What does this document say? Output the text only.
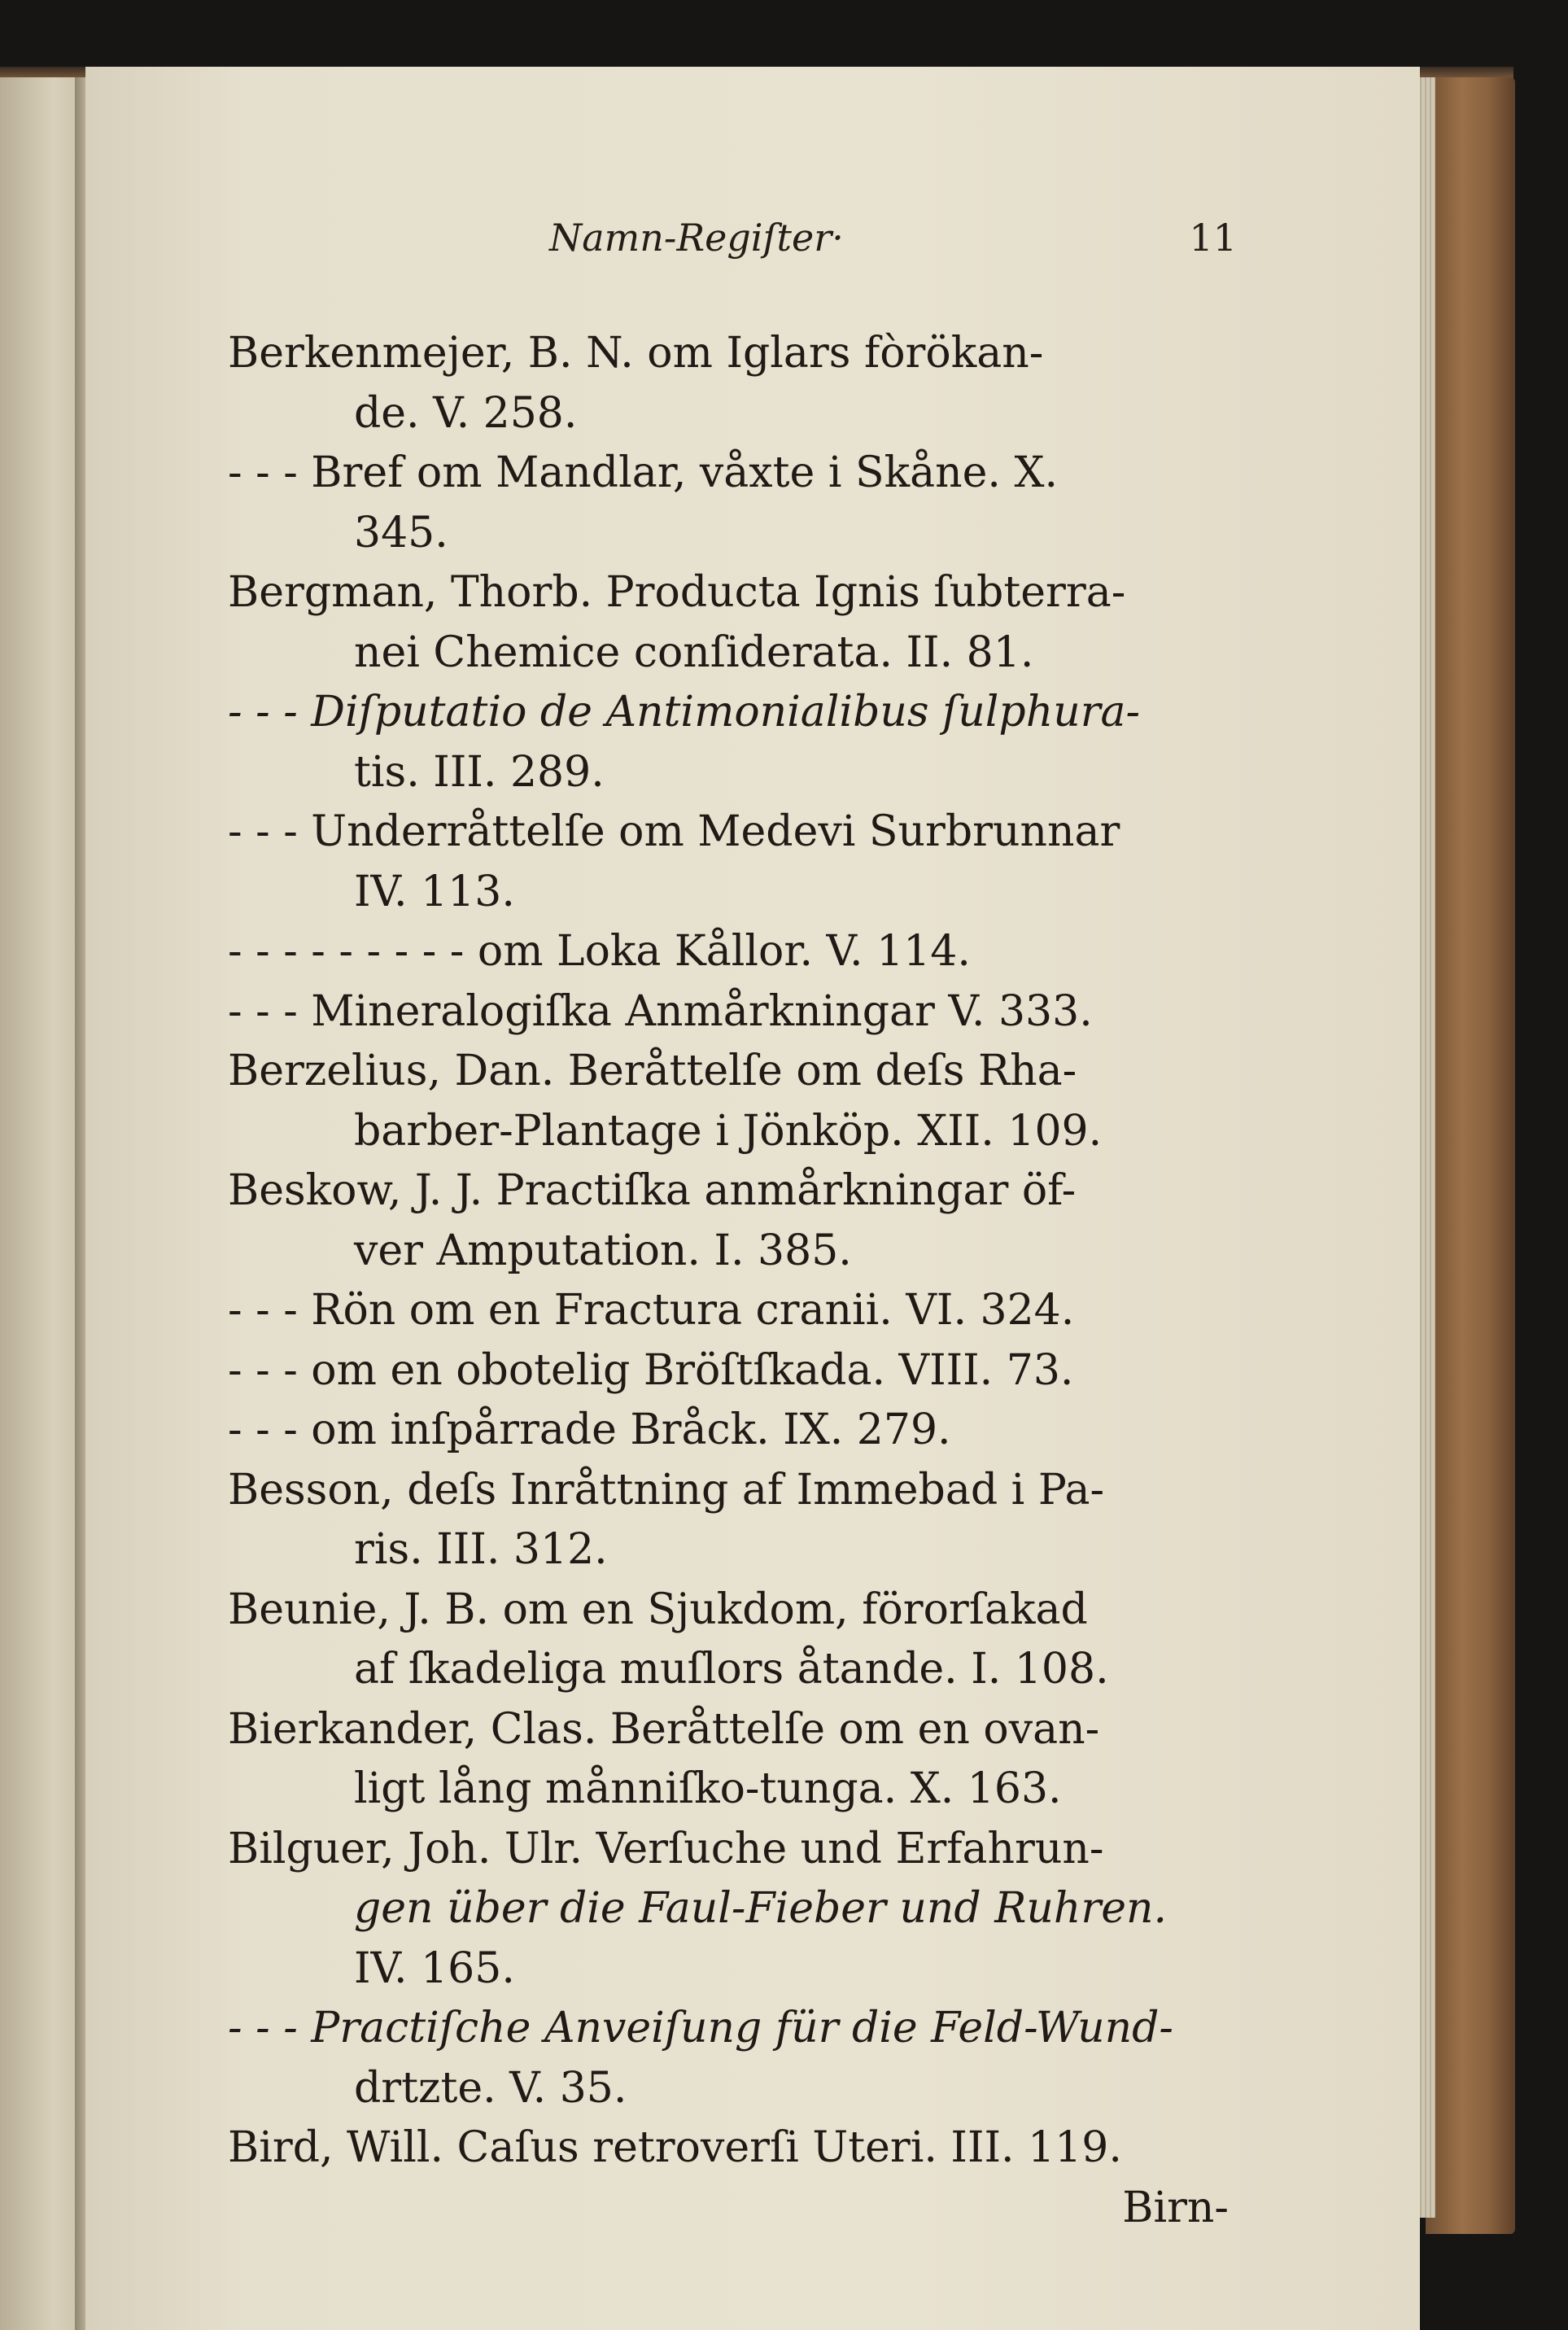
Namn-Regiſter·	11
Berkenmejer, B. N. om Iglars fòrökan-
de. V. 258.
- - - Bref om Mandlar, våxte i Skåne. X.
345.
Bergman, Thorb. Producta Ignis ſubterra-
nei Chemice conſiderata. II. 81.
- - - Diſputatio de Antimonialibus ſulphura-
tis. III. 289.
- - - Underråttelſe om Medevi Surbrunnar
IV. 113.
- - - - - - - - - om Loka Kållor. V. 114.
- - - Mineralogiſka Anmårkningar V. 333.
Berzelius, Dan. Beråttelſe om deſs Rha-
barber-Plantage i Jönköp. XII. 109.
Beskow, J. J. Practiſka anmårkningar öf-
ver Amputation. I. 385.
- - - Rön om en Fractura cranii. VI. 324.
- - - om en obotelig Bröſtſkada. VIII. 73.
- - - om inſpårrade Bråck. IX. 279.
Besson, deſs Inråttning af Immebad i Pa-
ris. III. 312.
Beunie, J. B. om en Sjukdom, förorſakad
af ſkadeliga muſlors åtande. I. 108.
Bierkander, Clas. Beråttelſe om en ovan-
ligt lång månniſko-tunga. X. 163.
Bilguer, Joh. Ulr. Verſuche und Erfahrun-
gen über die Faul-Fieber und Ruhren.
IV. 165.
- - - Practiſche Anveiſung für die Feld-Wund-
drtzte. V. 35.
Bird, Will. Caſus retroverſi Uteri. III. 119.
Birn-
